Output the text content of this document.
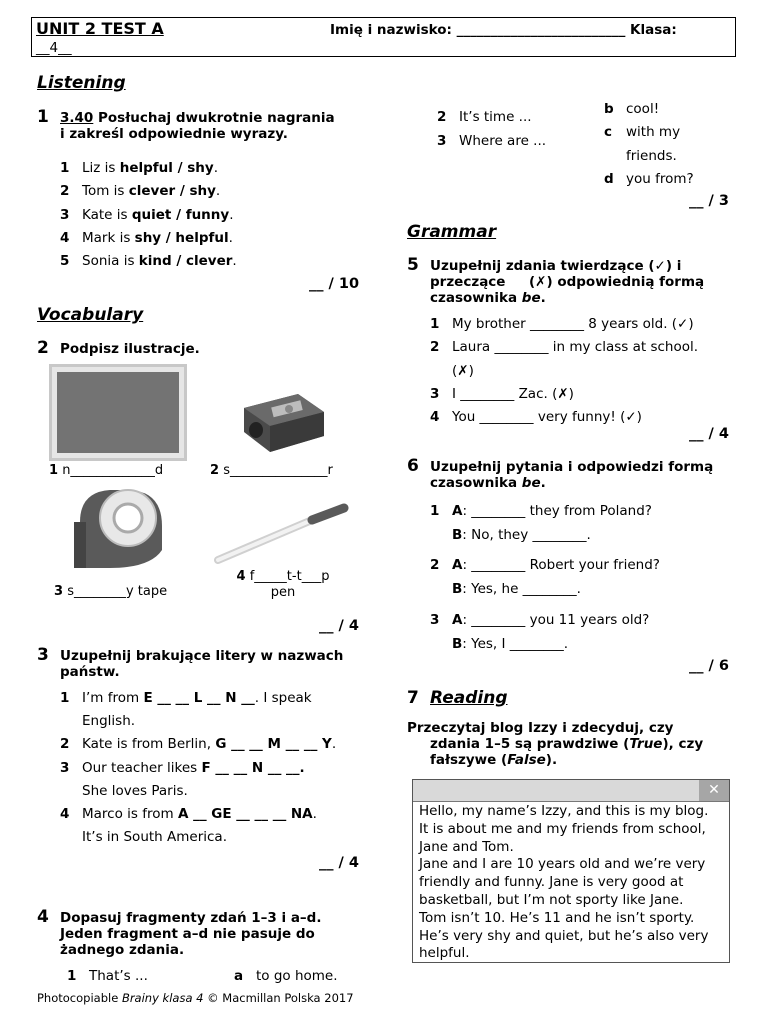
UNIT 2 TEST A	Imię i nazwisko: _________________________ Klasa:
__4__
Listening
1 3.40 Posłuchaj dwukrotnie nagrania
i zakreśl odpowiednie wyrazy.
1 Liz is helpful / shy.
2 Tom is clever / shy.
3 Kate is quiet / funny.
4 Mark is shy / helpful.
5 Sonia is kind / clever.
__ / 10
Vocabulary
2 Podpisz ilustracje.
1 n_____________d	2 s_______________r
3 s________y tape
4 f_____t-t___p
pen
__ / 4
3 Uzupełnij brakujące litery w nazwach
państw.
1 I’m from E __ __ L __ N __. I speak
English.
2 Kate is from Berlin, G __ __ M __ __ Y.
3 Our teacher likes F __ __ N __ __.
She loves Paris.
4 Marco is from A __ GE __ __ __ NA.
It’s in South America.
__ / 4
4 Dopasuj fragmenty zdań 1–3 i a–d.
Jeden fragment a–d nie pasuje do
żadnego zdania.
1 That’s ...	a to go home.
2 It’s time ...
3 Where are ...
b cool!
c with my
friends.
d you from?
__ / 3
Grammar
5 Uzupełnij zdania twierdzące (✓) i
przeczące     (✗) odpowiednią formą
czasownika be.
1 My brother ________ 8 years old. (✓)
2 Laura ________ in my class at school.
(✗)
3 I ________ Zac. (✗)
4 You ________ very funny! (✓)
__ / 4
6 Uzupełnij pytania i odpowiedzi formą
czasownika be.
1 A: ________ they from Poland?
B: No, they ________.
2 A: ________ Robert your friend?
B: Yes, he ________.
3 A: ________ you 11 years old?
B: Yes, I ________.
__ / 6
7 Reading
Przeczytaj blog Izzy i zdecyduj, czy
zdania 1–5 są prawdziwe (True), czy
fałszywe (False).
✕
Hello, my name’s Izzy, and this is my blog.
It is about me and my friends from school,
Jane and Tom.
Jane and I are 10 years old and we’re very
friendly and funny. Jane is very good at
basketball, but I’m not sporty like Jane.
Tom isn’t 10. He’s 11 and he isn’t sporty.
He’s very shy and quiet, but he’s also very
helpful.
Photocopiable Brainy klasa 4 © Macmillan Polska 2017
